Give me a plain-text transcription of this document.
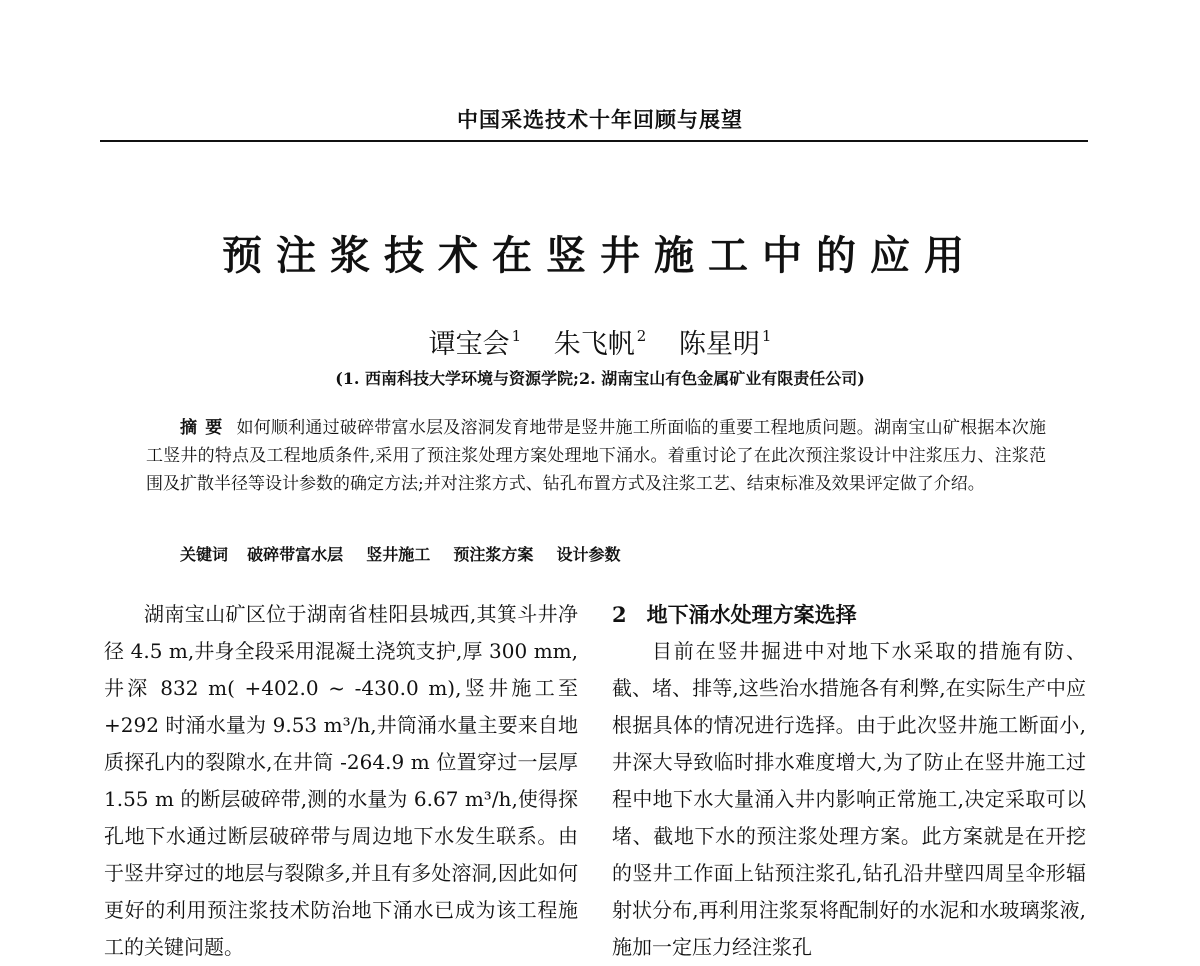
中国采选技术十年回顾与展望
预注浆技术在竖井施工中的应用
谭宝会 $^1$ 朱飞帆 $^2$ 陈星明 $^1$
(1. 西南科技大学环境与资源学院;2. 湖南宝山有色金属矿业有限责任公司)
摘要 如何顺利通过破碎带富水层及溶洞发育地带是竖井施工所面临的重要工程地质问题。湖南宝山矿根据本次施工竖井的特点及工程地质条件,采用了预注浆处理方案处理地下涌水。着重讨论了在此次预注浆设计中注浆压力、注浆范围及扩散半径等设计参数的确定方法;并对注浆方式、钻孔布置方式及注浆工艺、结束标准及效果评定做了介绍。
关键词 破碎带富水层 竖井施工 预注浆方案 设计参数

湖南宝山矿区位于湖南省桂阳县城西,其箕斗井净径 4.5 m,井身全段采用混凝土浇筑支护,厚 300 mm,井深 832 m( +402.0 ~ -430.0 m),竖井施工至 +292 时涌水量为 9.53 m³/h,井筒涌水量主要来自地质探孔内的裂隙水,在井筒 -264.9 m 位置穿过一层厚 1.55 m 的断层破碎带,测的水量为 6.67 m³/h,使得探孔地下水通过断层破碎带与周边地下水发生联系。由于竖井穿过的地层与裂隙多,并且有多处溶洞,因此如何更好的利用预注浆技术防治地下涌水已成为该工程施工的关键问题。

2 地下涌水处理方案选择

目前在竖井掘进中对地下水采取的措施有防、截、堵、排等,这些治水措施各有利弊,在实际生产中应根据具体的情况进行选择。由于此次竖井施工断面小,井深大导致临时排水难度增大,为了防止在竖井施工过程中地下水大量涌入井内影响正常施工,决定采取可以堵、截地下水的预注浆处理方案。此方案就是在开挖的竖井工作面上钻预注浆孔,钻孔沿井壁四周呈伞形辐射状分布,再利用注浆泵将配制好的水泥和水玻璃浆液,施加一定压力经注浆孔
